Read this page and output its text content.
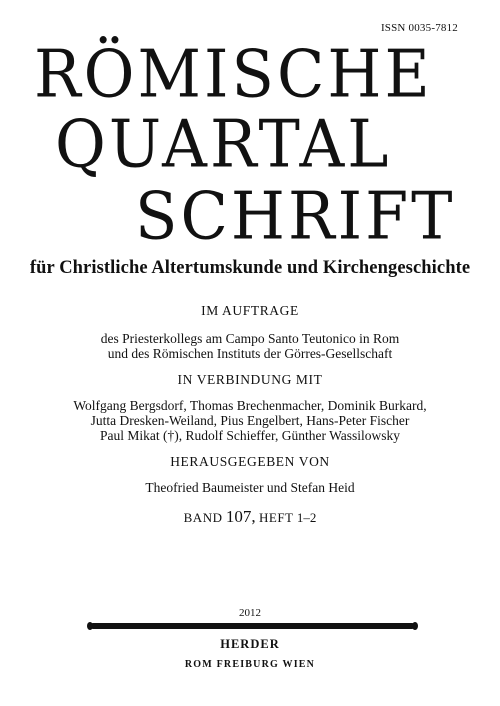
ISSN 0035-7812
RÖMISCHE
QUARTAL
SCHRIFT
für Christliche Altertumskunde und Kirchengeschichte
IM AUFTRAGE
des Priesterkollegs am Campo Santo Teutonico in Rom
und des Römischen Instituts der Görres-Gesellschaft
IN VERBINDUNG MIT
Wolfgang Bergsdorf, Thomas Brechenmacher, Dominik Burkard,
Jutta Dresken-Weiland, Pius Engelbert, Hans-Peter Fischer
Paul Mikat (†), Rudolf Schieffer, Günther Wassilowsky
HERAUSGEGEBEN VON
Theofried Baumeister und Stefan Heid
BAND 107, HEFT 1–2
2012
HERDER
ROM FREIBURG WIEN
